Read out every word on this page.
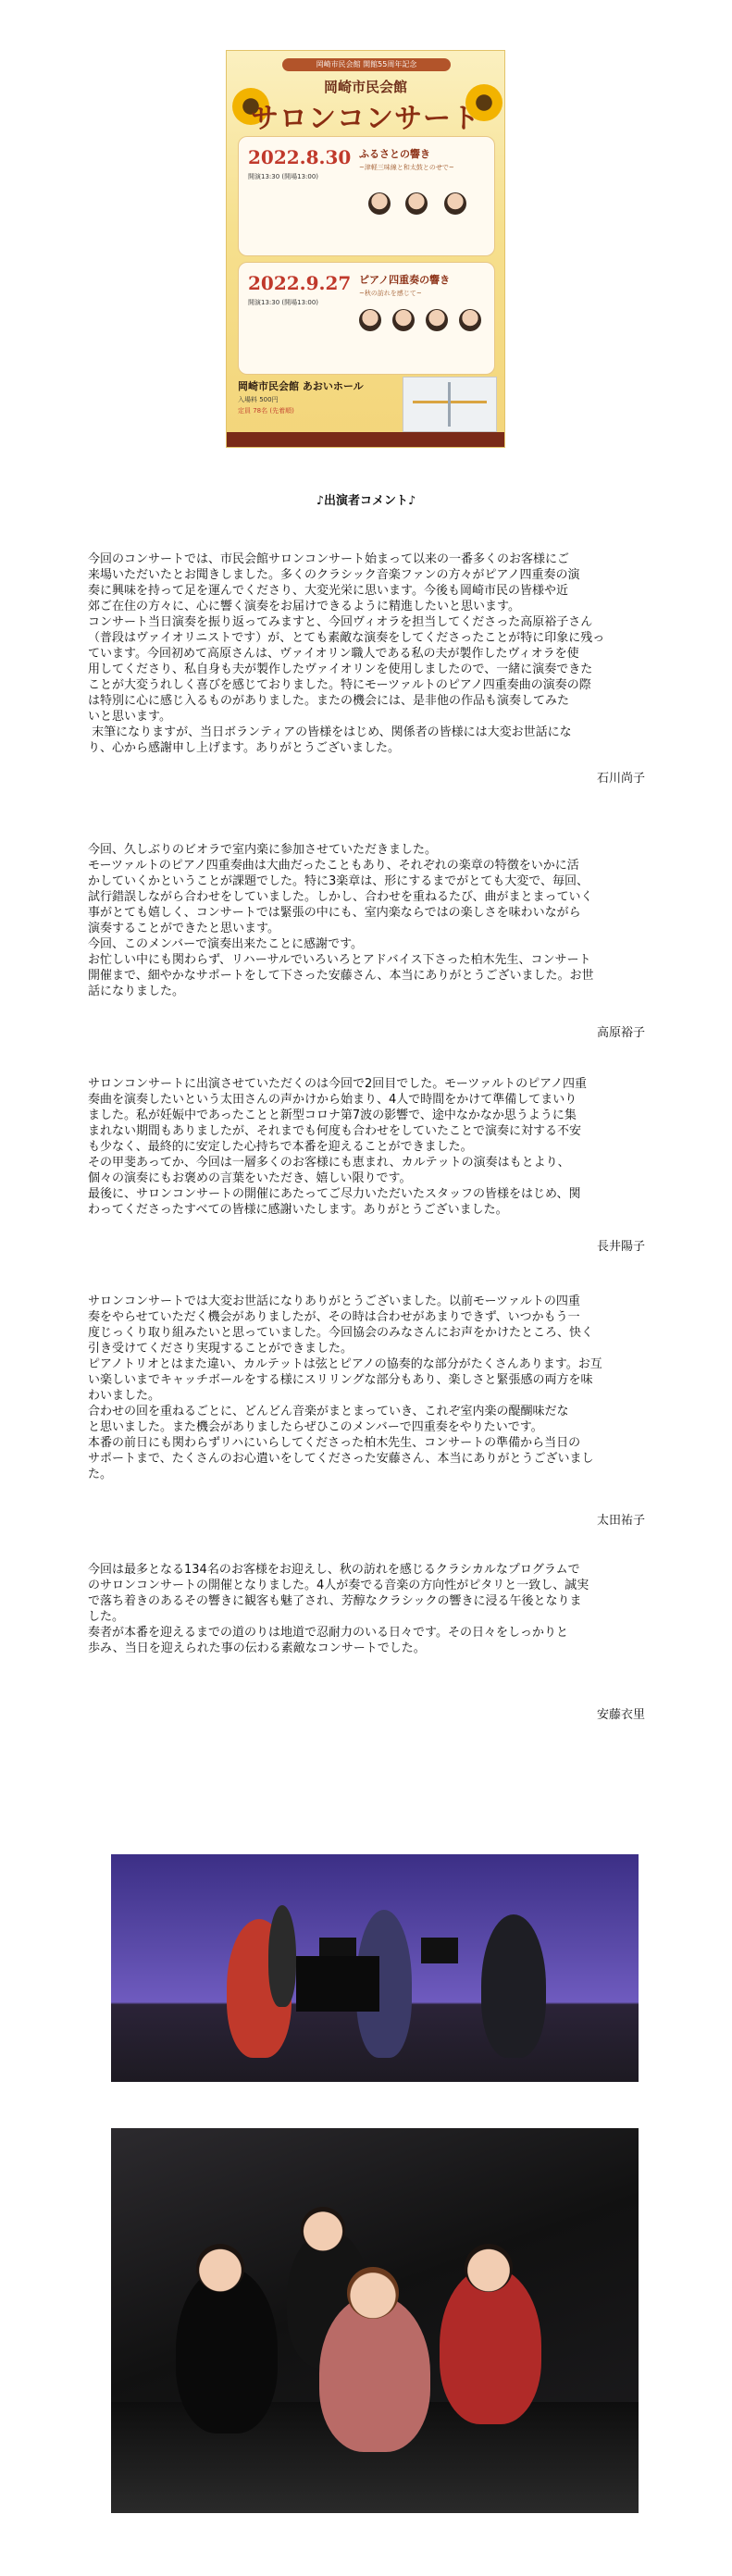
岡崎市民会館 開館55周年記念
岡崎市民会館
サロンコンサート
2022.8.30
開演13:30 (開場13:00)
ふるさとの響き
~津軽三味線と和太鼓とのせで~
2022.9.27
開演13:30 (開場13:00)
ピアノ四重奏の響き
~秋の訪れを感じて~
岡崎市民会館 あおいホール
入場料 500円
定員 78名 (先着順)
♪出演者コメント♪

今回のコンサートでは、市民会館サロンコンサート始まって以来の一番多くのお客様にご
来場いただいたとお聞きしました。多くのクラシック音楽ファンの方々がピアノ四重奏の演
奏に興味を持って足を運んでくださり、大変光栄に思います。今後も岡崎市民の皆様や近
郊ご在住の方々に、心に響く演奏をお届けできるように精進したいと思います。
コンサート当日演奏を振り返ってみますと、今回ヴィオラを担当してくださった高原裕子さん
（普段はヴァイオリニストです）が、とても素敵な演奏をしてくださったことが特に印象に残っ
ています。今回初めて高原さんは、ヴァイオリン職人である私の夫が製作したヴィオラを使
用してくださり、私自身も夫が製作したヴァイオリンを使用しましたので、一緒に演奏できた
ことが大変うれしく喜びを感じておりました。特にモーツァルトのピアノ四重奏曲の演奏の際
は特別に心に感じ入るものがありました。またの機会には、是非他の作品も演奏してみた
いと思います。
末筆になりますが、当日ボランティアの皆様をはじめ、関係者の皆様には大変お世話にな
り、心から感謝申し上げます。ありがとうございました。

石川尚子

今回、久しぶりのビオラで室内楽に参加させていただきました。
モーツァルトのピアノ四重奏曲は大曲だったこともあり、それぞれの楽章の特徴をいかに活
かしていくかということが課題でした。特に3楽章は、形にするまでがとても大変で、毎回、
試行錯誤しながら合わせをしていました。しかし、合わせを重ねるたび、曲がまとまっていく
事がとても嬉しく、コンサートでは緊張の中にも、室内楽ならではの楽しさを味わいながら
演奏することができたと思います。
今回、このメンバーで演奏出来たことに感謝です。
お忙しい中にも関わらず、リハーサルでいろいろとアドバイス下さった柏木先生、コンサート
開催まで、細やかなサポートをして下さった安藤さん、本当にありがとうございました。お世
話になりました。

高原裕子

サロンコンサートに出演させていただくのは今回で2回目でした。モーツァルトのピアノ四重
奏曲を演奏したいという太田さんの声かけから始まり、4人で時間をかけて準備してまいり
ました。私が妊娠中であったことと新型コロナ第7波の影響で、途中なかなか思うように集
まれない期間もありましたが、それまでも何度も合わせをしていたことで演奏に対する不安
も少なく、最終的に安定した心持ちで本番を迎えることができました。
その甲斐あってか、今回は一層多くのお客様にも恵まれ、カルテットの演奏はもとより、
個々の演奏にもお褒めの言葉をいただき、嬉しい限りです。
最後に、サロンコンサートの開催にあたってご尽力いただいたスタッフの皆様をはじめ、関
わってくださったすべての皆様に感謝いたします。ありがとうございました。

長井陽子

サロンコンサートでは大変お世話になりありがとうございました。以前モーツァルトの四重
奏をやらせていただく機会がありましたが、その時は合わせがあまりできず、いつかもう一
度じっくり取り組みたいと思っていました。今回協会のみなさんにお声をかけたところ、快く
引き受けてくださり実現することができました。
ピアノトリオとはまた違い、カルテットは弦とピアノの協奏的な部分がたくさんあります。お互
い楽しいまでキャッチボールをする様にスリリングな部分もあり、楽しさと緊張感の両方を味
わいました。
合わせの回を重ねるごとに、どんどん音楽がまとまっていき、これぞ室内楽の醍醐味だな
と思いました。また機会がありましたらぜひこのメンバーで四重奏をやりたいです。
本番の前日にも関わらずリハにいらしてくださった柏木先生、コンサートの準備から当日の
サポートまで、たくさんのお心遣いをしてくださった安藤さん、本当にありがとうございまし
た。

太田祐子

今回は最多となる134名のお客様をお迎えし、秋の訪れを感じるクラシカルなプログラムで
のサロンコンサートの開催となりました。4人が奏でる音楽の方向性がピタリと一致し、誠実
で落ち着きのあるその響きに観客も魅了され、芳醇なクラシックの響きに浸る午後となりま
した。
奏者が本番を迎えるまでの道のりは地道で忍耐力のいる日々です。その日々をしっかりと
歩み、当日を迎えられた事の伝わる素敵なコンサートでした。

安藤衣里
